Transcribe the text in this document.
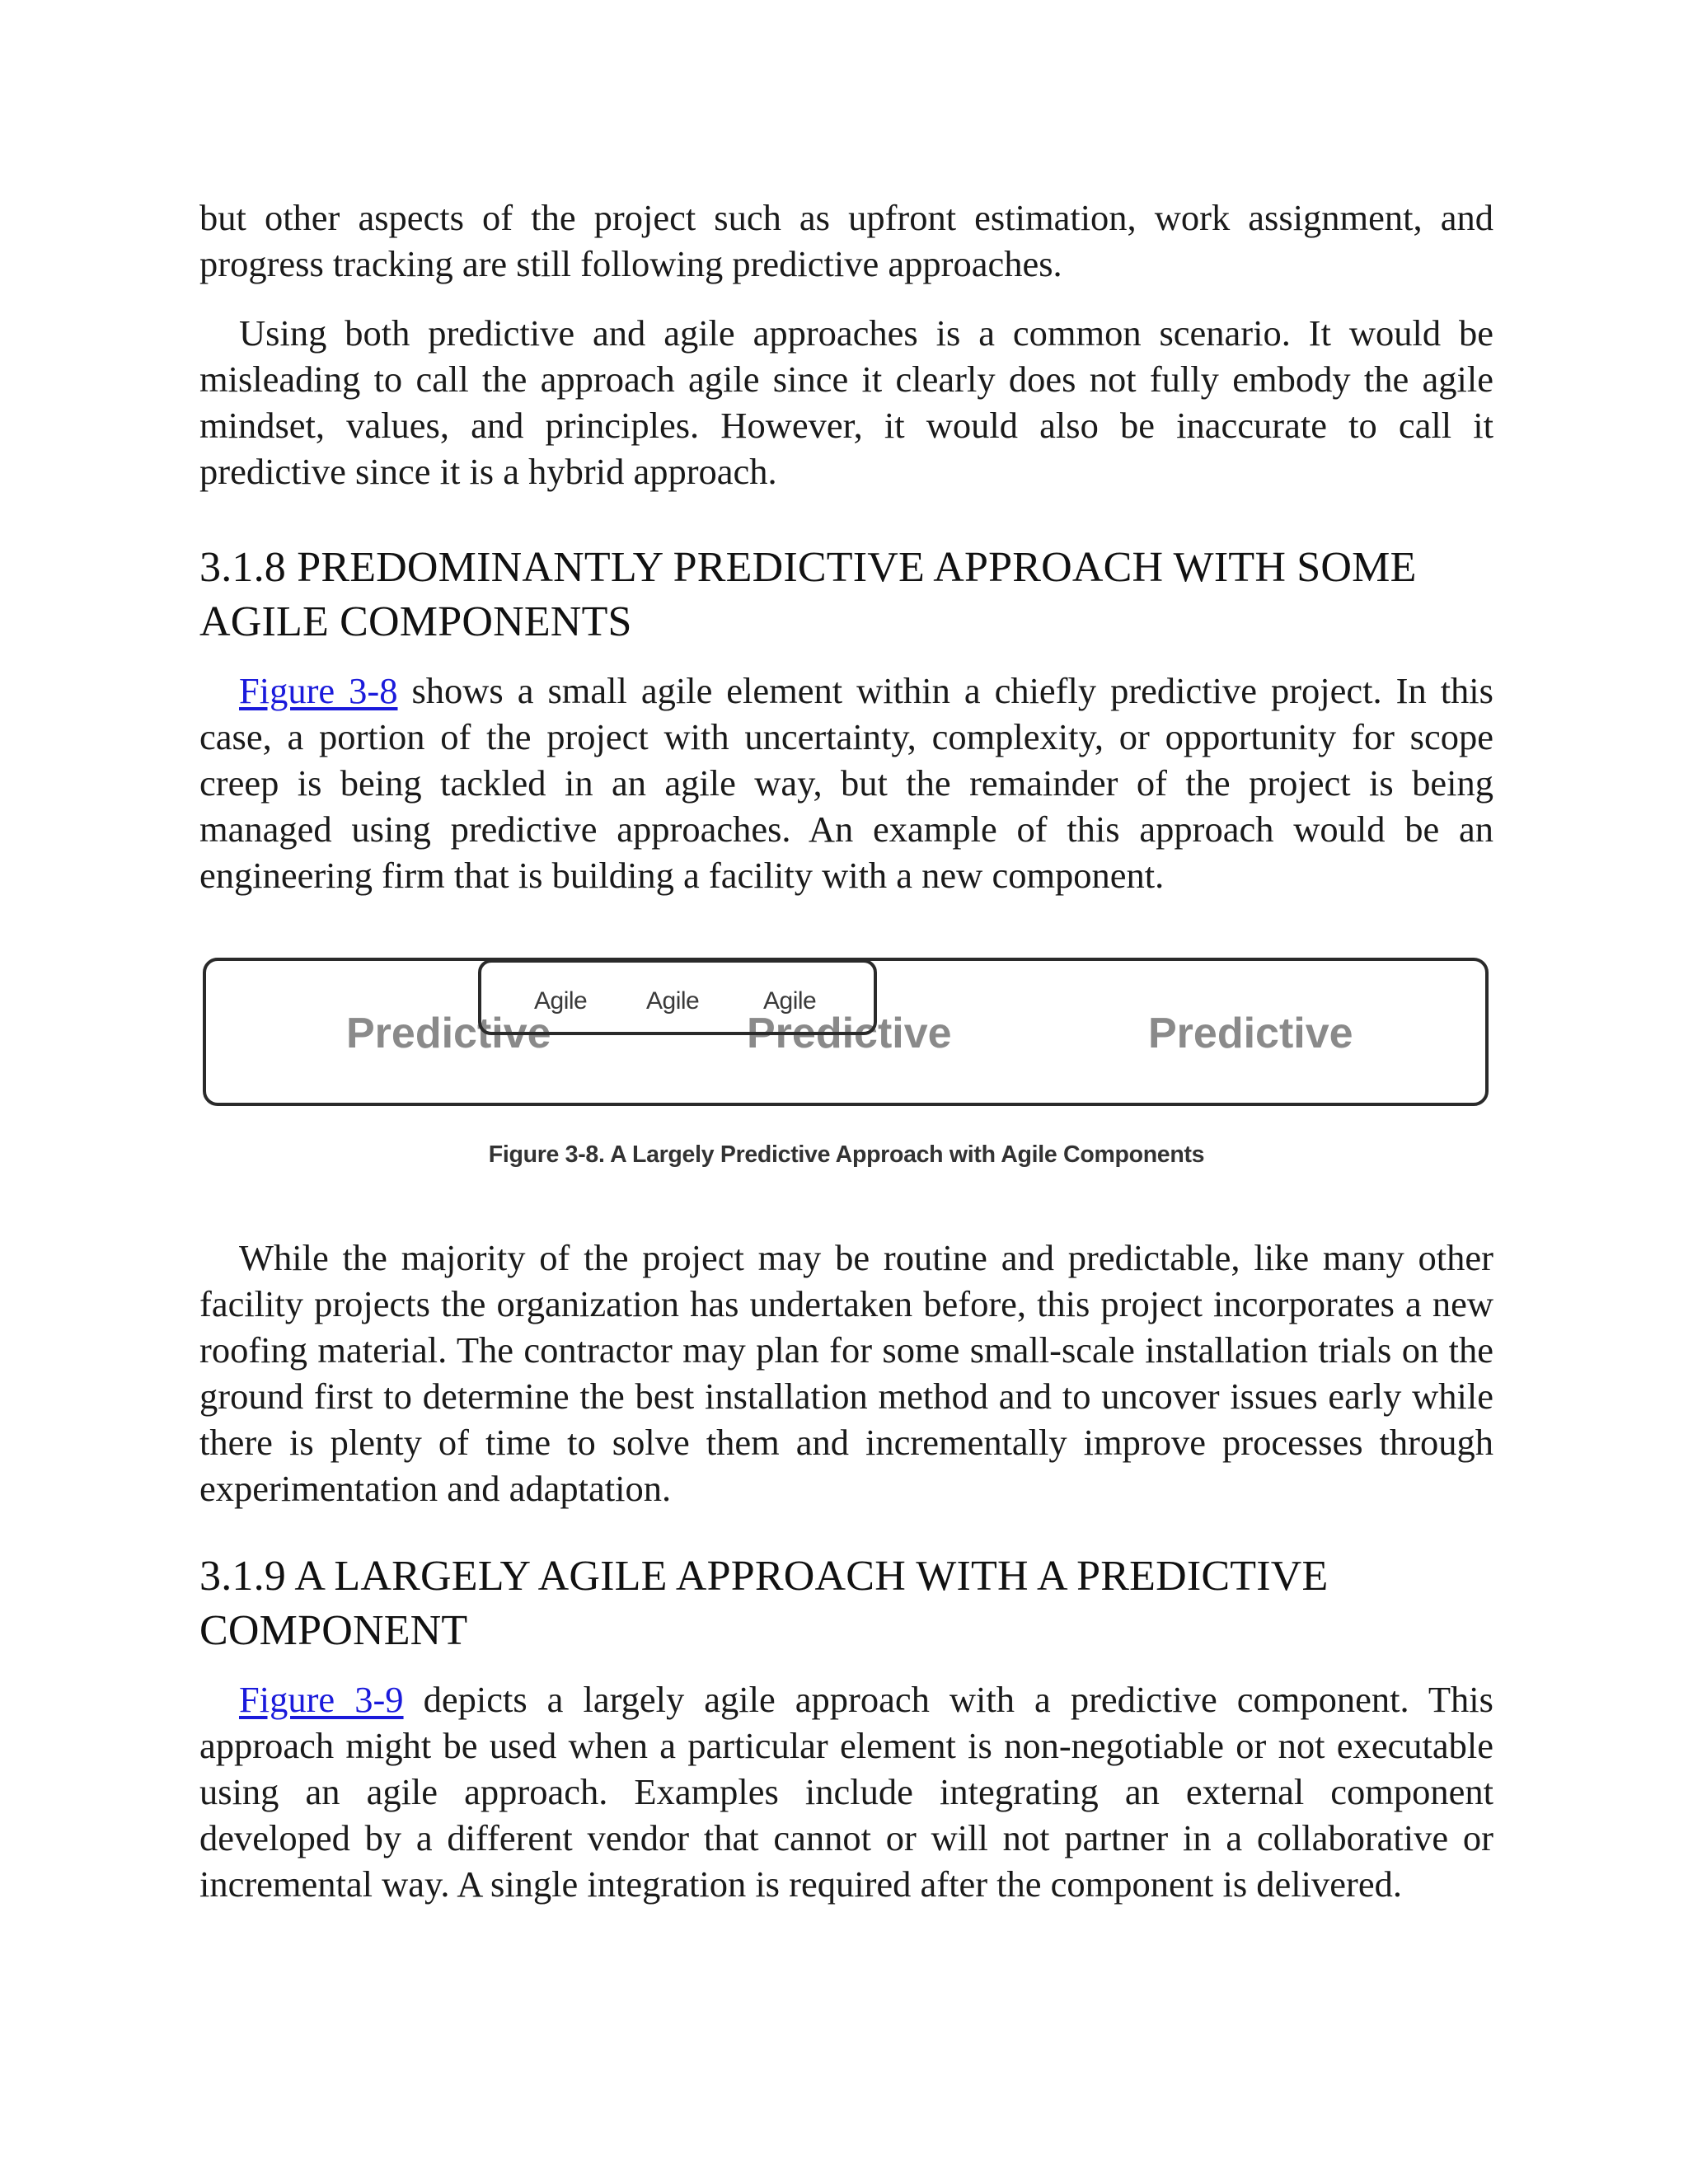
but other aspects of the project such as upfront estimation, work assignment, and progress tracking are still following predictive approaches.

Using both predictive and agile approaches is a common scenario. It would be misleading to call the approach agile since it clearly does not fully embody the agile mindset, values, and principles. However, it would also be inaccurate to call it predictive since it is a hybrid approach.

3.1.8 PREDOMINANTLY PREDICTIVE APPROACH WITH SOME AGILE COMPONENTS

Figure 3-8 shows a small agile element within a chiefly predictive project. In this case, a portion of the project with uncertainty, complexity, or opportunity for scope creep is being tackled in an agile way, but the remainder of the project is being managed using predictive approaches. An example of this approach would be an engineering firm that is building a facility with a new component.

Predictive	Predictive	Predictive
Agile Agile	Agile
Figure 3-8. A Largely Predictive Approach with Agile Components

While the majority of the project may be routine and predictable, like many other facility projects the organization has undertaken before, this project incorporates a new roofing material. The contractor may plan for some small-scale installation trials on the ground first to determine the best installation method and to uncover issues early while there is plenty of time to solve them and incrementally improve processes through experimentation and adaptation.

3.1.9 A LARGELY AGILE APPROACH WITH A PREDICTIVE COMPONENT

Figure 3-9 depicts a largely agile approach with a predictive component. This approach might be used when a particular element is non-negotiable or not executable using an agile approach. Examples include integrating an external component developed by a different vendor that cannot or will not partner in a collaborative or incremental way. A single integration is required after the component is delivered.
